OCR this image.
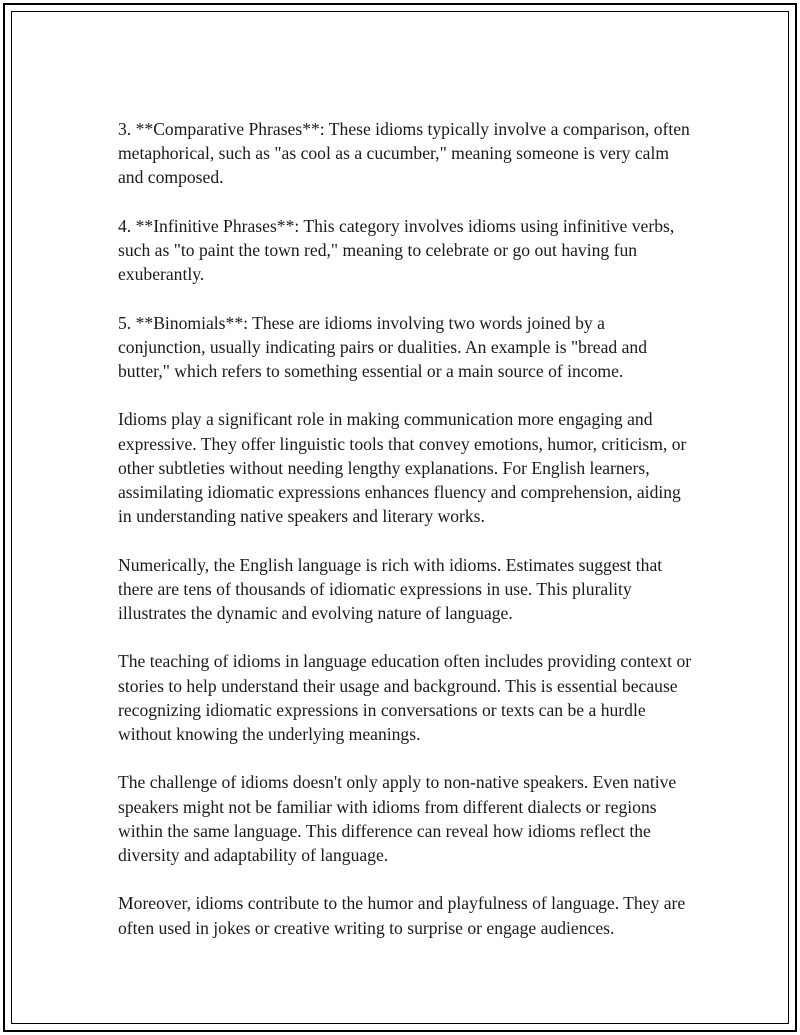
3. **Comparative Phrases**: These idioms typically involve a comparison, often metaphorical, such as "as cool as a cucumber," meaning someone is very calm and composed.

4. **Infinitive Phrases**: This category involves idioms using infinitive verbs, such as "to paint the town red," meaning to celebrate or go out having fun exuberantly.

5. **Binomials**: These are idioms involving two words joined by a conjunction, usually indicating pairs or dualities. An example is "bread and butter," which refers to something essential or a main source of income.

Idioms play a significant role in making communication more engaging and expressive. They offer linguistic tools that convey emotions, humor, criticism, or other subtleties without needing lengthy explanations. For English learners, assimilating idiomatic expressions enhances fluency and comprehension, aiding in understanding native speakers and literary works.

Numerically, the English language is rich with idioms. Estimates suggest that there are tens of thousands of idiomatic expressions in use. This plurality illustrates the dynamic and evolving nature of language.

The teaching of idioms in language education often includes providing context or stories to help understand their usage and background. This is essential because recognizing idiomatic expressions in conversations or texts can be a hurdle without knowing the underlying meanings.

The challenge of idioms doesn't only apply to non-native speakers. Even native speakers might not be familiar with idioms from different dialects or regions within the same language. This difference can reveal how idioms reflect the diversity and adaptability of language.

Moreover, idioms contribute to the humor and playfulness of language. They are often used in jokes or creative writing to surprise or engage audiences.
